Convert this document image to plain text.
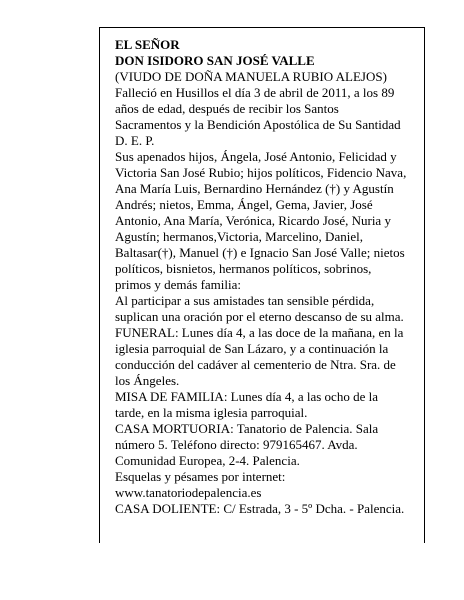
EL SEÑOR

DON ISIDORO SAN JOSÉ VALLE

(VIUDO DE DOÑA MANUELA RUBIO ALEJOS)

Falleció en Husillos el día 3 de abril de 2011, a los 89

años de edad, después de recibir los Santos

Sacramentos y la Bendición Apostólica de Su Santidad

D. E. P.

Sus apenados hijos, Ángela, José Antonio, Felicidad y

Victoria San José Rubio; hijos políticos, Fidencio Nava,

Ana María Luis, Bernardino Hernández (†) y Agustín

Andrés; nietos, Emma, Ángel, Gema, Javier, José

Antonio, Ana María, Verónica, Ricardo José, Nuria y

Agustín; hermanos,Victoria, Marcelino, Daniel,

Baltasar(†), Manuel (†) e Ignacio San José Valle; nietos

políticos, bisnietos, hermanos políticos, sobrinos,

primos y demás familia:

Al participar a sus amistades tan sensible pérdida,

suplican una oración por el eterno descanso de su alma.

FUNERAL: Lunes día 4, a las doce de la mañana, en la

iglesia parroquial de San Lázaro, y a continuación la

conducción del cadáver al cementerio de Ntra. Sra. de

los Ángeles.

MISA DE FAMILIA: Lunes día 4, a las ocho de la

tarde, en la misma iglesia parroquial.

CASA MORTUORIA: Tanatorio de Palencia. Sala

número 5. Teléfono directo: 979165467. Avda.

Comunidad Europea, 2-4. Palencia.

Esquelas y pésames por internet:

www.tanatoriodepalencia.es

CASA DOLIENTE: C/ Estrada, 3 - 5º Dcha. - Palencia.
